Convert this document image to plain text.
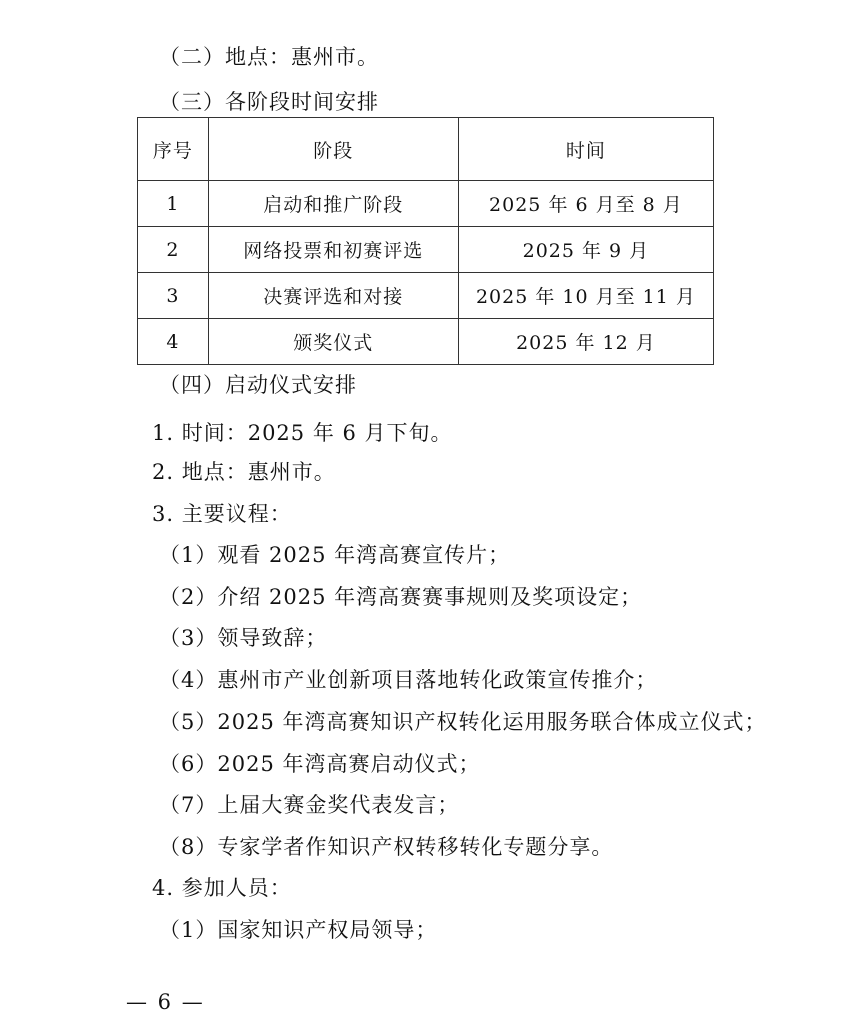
（二）地点：惠州市。
（三）各阶段时间安排
序号	阶段	时间
1	启动和推广阶段	2025 年 6 月至 8 月
2	网络投票和初赛评选	2025 年 9 月
3	决赛评选和对接	2025 年 10 月至 11 月
4	颁奖仪式	2025 年 12 月
（四）启动仪式安排
1. 时间：2025 年 6 月下旬。
2. 地点：惠州市。
3. 主要议程：
（1）观看 2025 年湾高赛宣传片；
（2）介绍 2025 年湾高赛赛事规则及奖项设定；
（3）领导致辞；
（4）惠州市产业创新项目落地转化政策宣传推介；
（5）2025 年湾高赛知识产权转化运用服务联合体成立仪式；
（6）2025 年湾高赛启动仪式；
（7）上届大赛金奖代表发言；
（8）专家学者作知识产权转移转化专题分享。
4. 参加人员：
（1）国家知识产权局领导；
— 6 —
